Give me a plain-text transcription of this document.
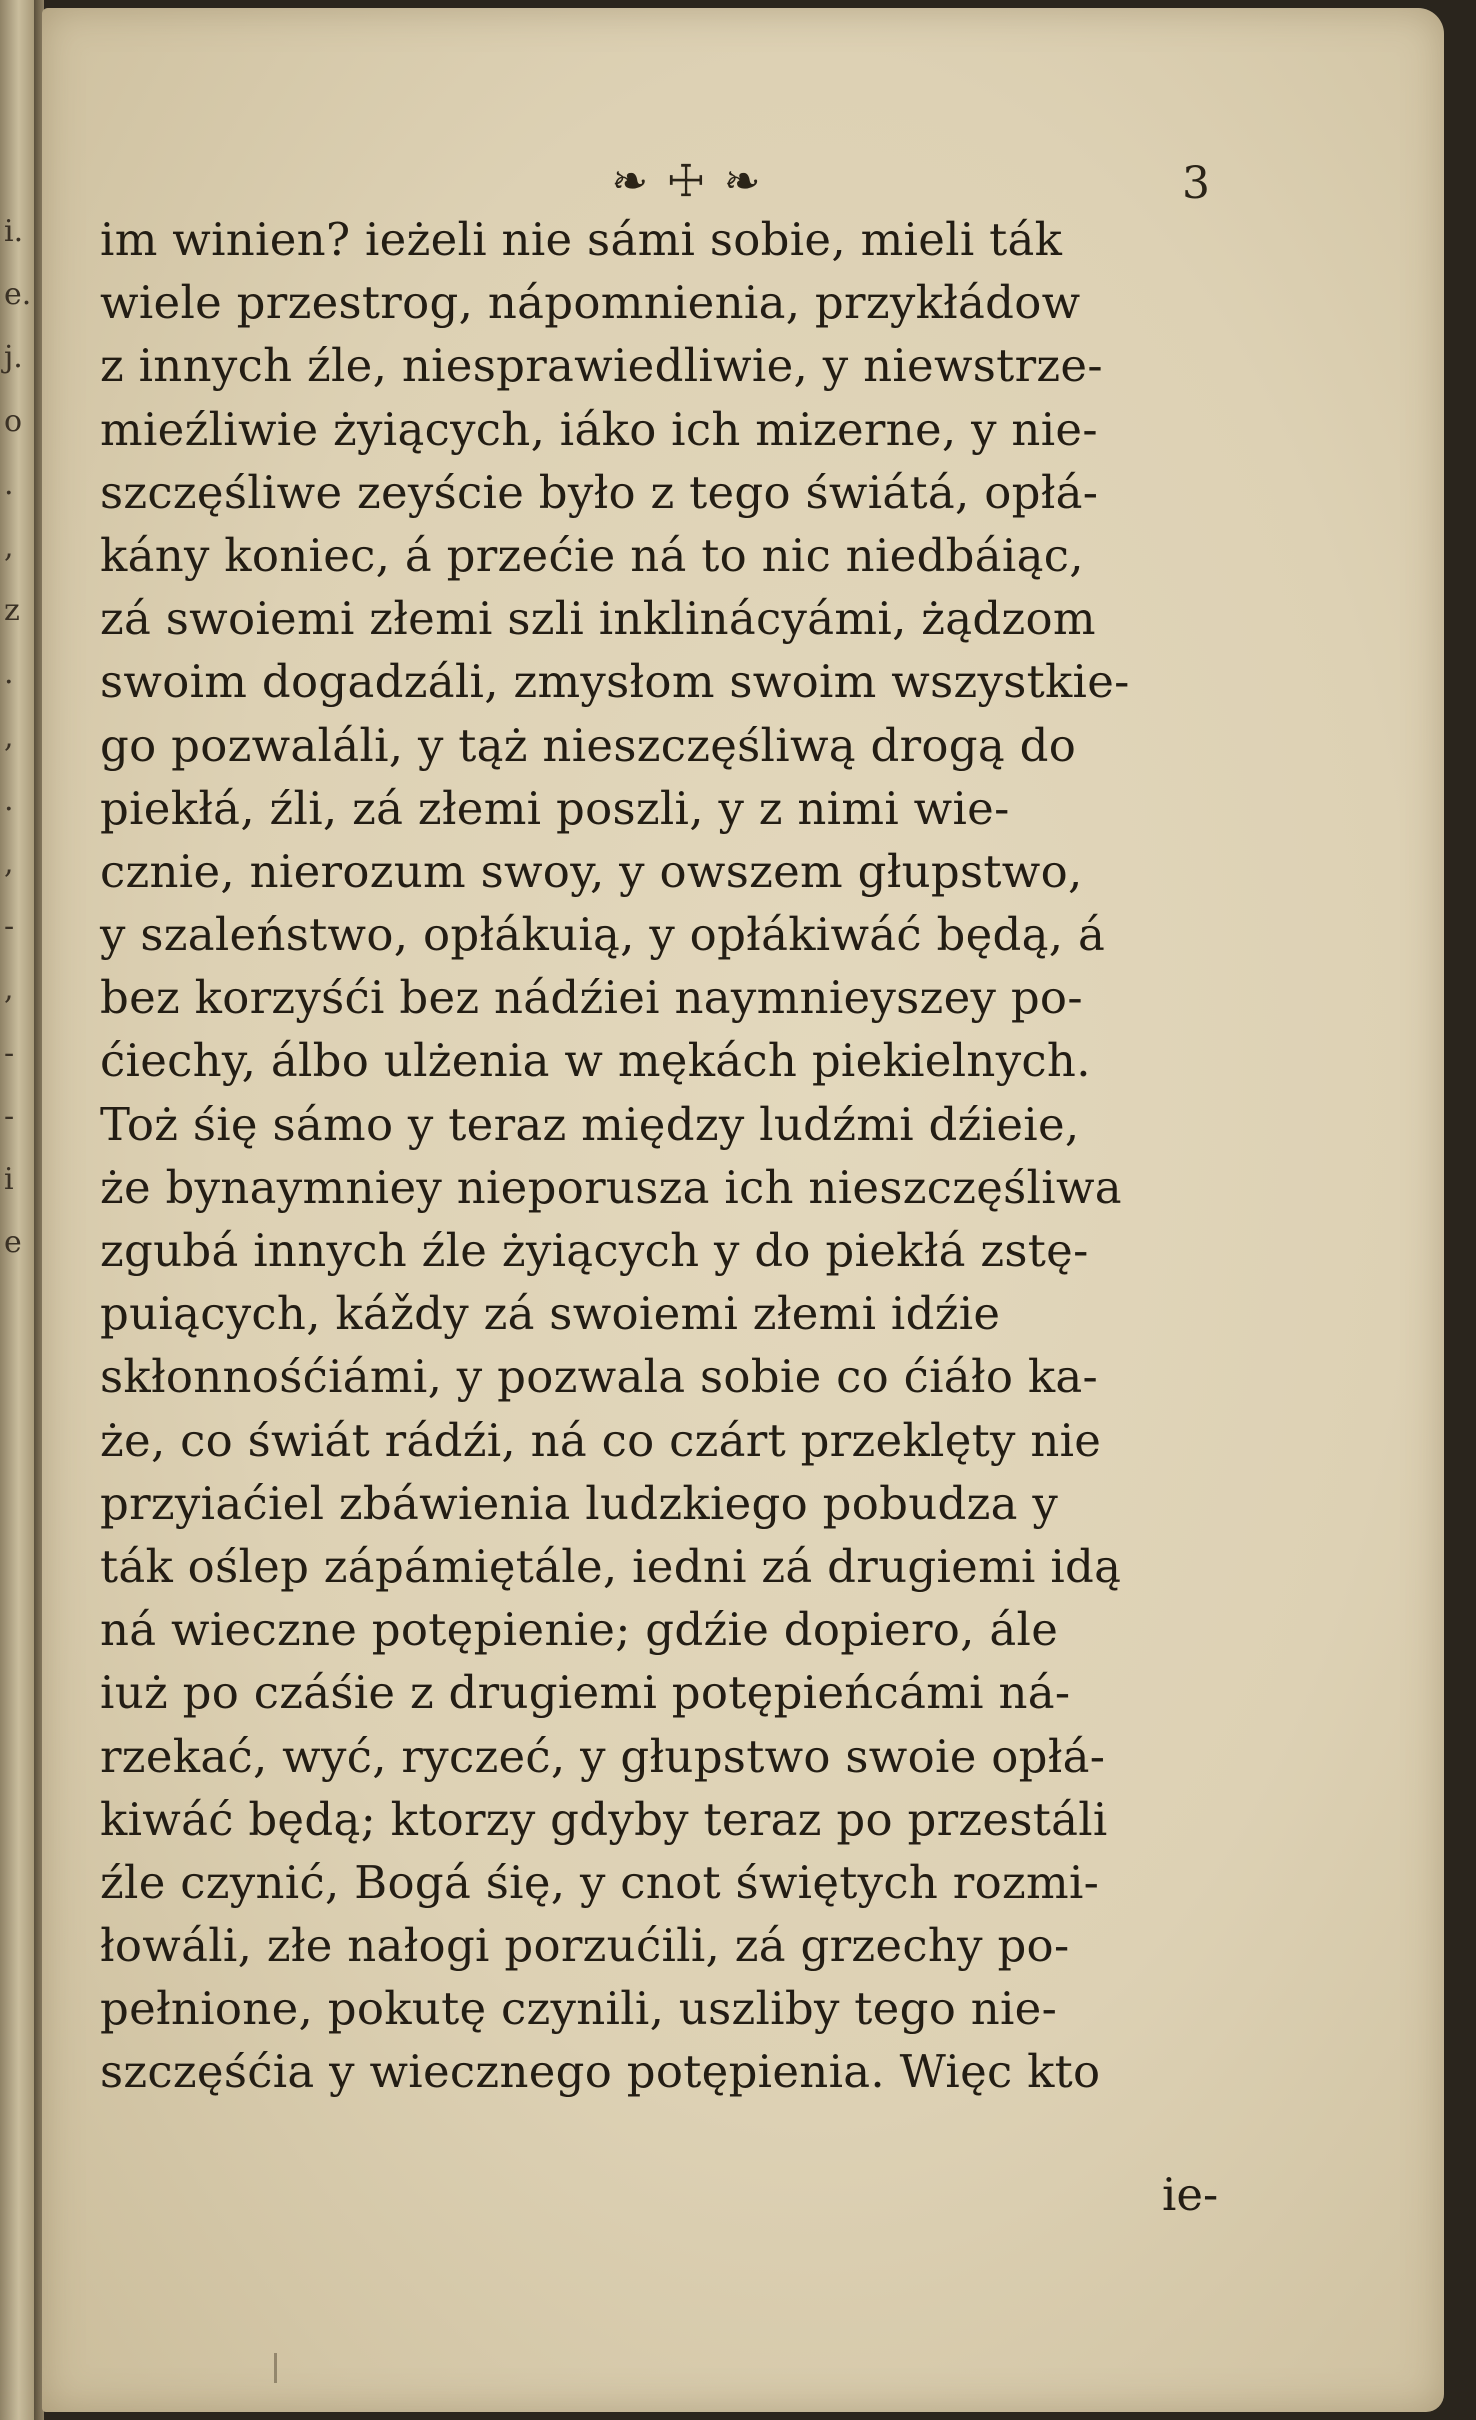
i.
e.
j.
o
.
,
z
.
,
.
,
-
,
-
-
i
e
❧ ☩ ❧	3
im winien? ieżeli nie sámi sobie, mieli ták
wiele przestrog, nápomnienia, przykłádow
z innych źle, niesprawiedliwie, y niewstrze-
mieźliwie żyiących, iáko ich mizerne, y nie-
szczęśliwe zeyście było z tego świátá, opłá-
kány koniec, á przećie ná to nic niedbáiąc,
zá swoiemi złemi szli inklinácyámi, żądzom
swoim dogadzáli, zmysłom swoim wszystkie-
go pozwaláli, y tąż nieszczęśliwą drogą do
piekłá, źli, zá złemi poszli, y z nimi wie-
cznie, nierozum swoy, y owszem głupstwo,
y szaleństwo, opłákuią, y opłákiwáć będą, á
bez korzyśći bez nádźiei naymnieyszey po-
ćiechy, álbo ulżenia w mękách piekielnych.
Toż śię sámo y teraz między ludźmi dźieie,
że bynaymniey nieporusza ich nieszczęśliwa
zgubá innych źle żyiących y do piekłá zstę-
puiących, káždy zá swoiemi złemi idźie
skłonnośćiámi, y pozwala sobie co ćiáło ka-
że, co świát rádźi, ná co czárt przeklęty nie
przyiaćiel zbáwienia ludzkiego pobudza y
ták oślep zápámiętále, iedni zá drugiemi idą
ná wieczne potępienie; gdźie dopiero, ále
iuż po czáśie z drugiemi potępieńcámi ná-
rzekać, wyć, ryczeć, y głupstwo swoie opłá-
kiwáć będą; ktorzy gdyby teraz po przestáli
źle czynić, Bogá śię, y cnot świętych rozmi-
łowáli, złe nałogi porzućili, zá grzechy po-
pełnione, pokutę czynili, uszliby tego nie-
szczęśćia y wiecznego potępienia. Więc kto
ie-
